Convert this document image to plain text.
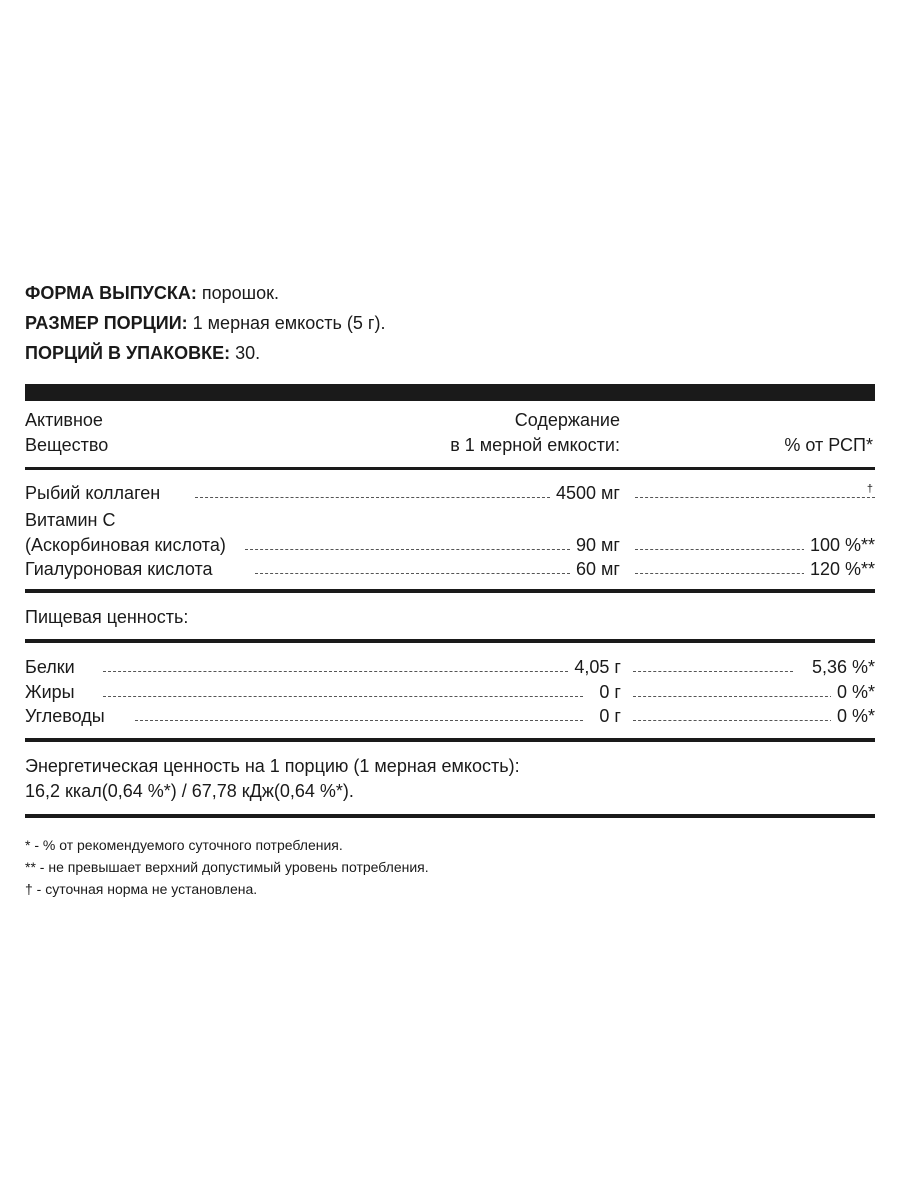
ФОРМА ВЫПУСКА: порошок.
РАЗМЕР ПОРЦИИ: 1 мерная емкость (5 г).
ПОРЦИЙ В УПАКОВКЕ: 30.
Активное
Вещество
Содержание
в 1 мерной емкости:	% от РСП*
Рыбий коллаген	4500 мг	†
Витамин С
(Аскорбиновая кислота)	90 мг	100 %**
Гиалуроновая кислота	60 мг	120 %**
Пищевая ценность:
Белки	4,05 г	5,36 %*
Жиры	0 г	0 %*
Углеводы	0 г	0 %*
Энергетическая ценность на 1 порцию (1 мерная емкость):
16,2 ккал(0,64 %*) / 67,78 кДж(0,64 %*).
* - % от рекомендуемого суточного потребления.
** - не превышает верхний допустимый уровень потребления.
† - суточная норма не установлена.
